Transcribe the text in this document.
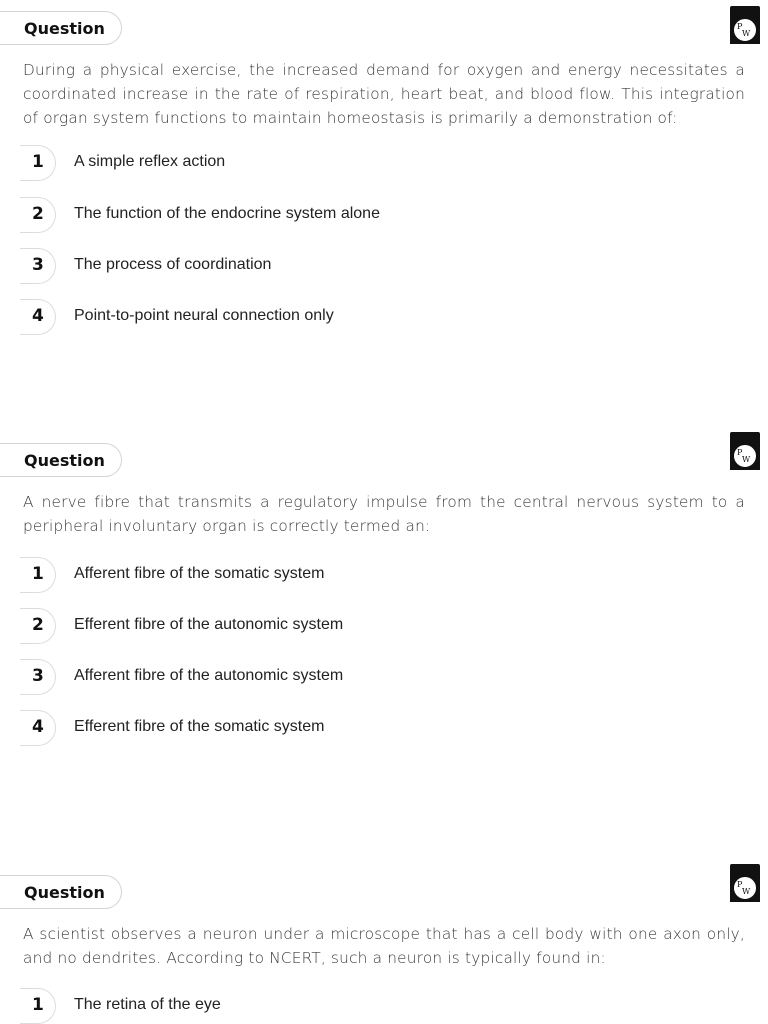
Question	P
W
During a physical exercise, the increased demand for oxygen and energy necessitates a coordinated increase in the rate of respiration, heart beat, and blood flow. This integration of organ system functions to maintain homeostasis is primarily a demonstration of:
1 A simple reflex action
2 The function of the endocrine system alone
3 The process of coordination
4 Point-to-point neural connection only
Question	P
W
A nerve fibre that transmits a regulatory impulse from the central nervous system to a peripheral involuntary organ is correctly termed an:
1 Afferent fibre of the somatic system
2 Efferent fibre of the autonomic system
3 Afferent fibre of the autonomic system
4 Efferent fibre of the somatic system
Question	P
W
A scientist observes a neuron under a microscope that has a cell body with one axon only, and no dendrites. According to NCERT, such a neuron is typically found in:
1 The retina of the eye
